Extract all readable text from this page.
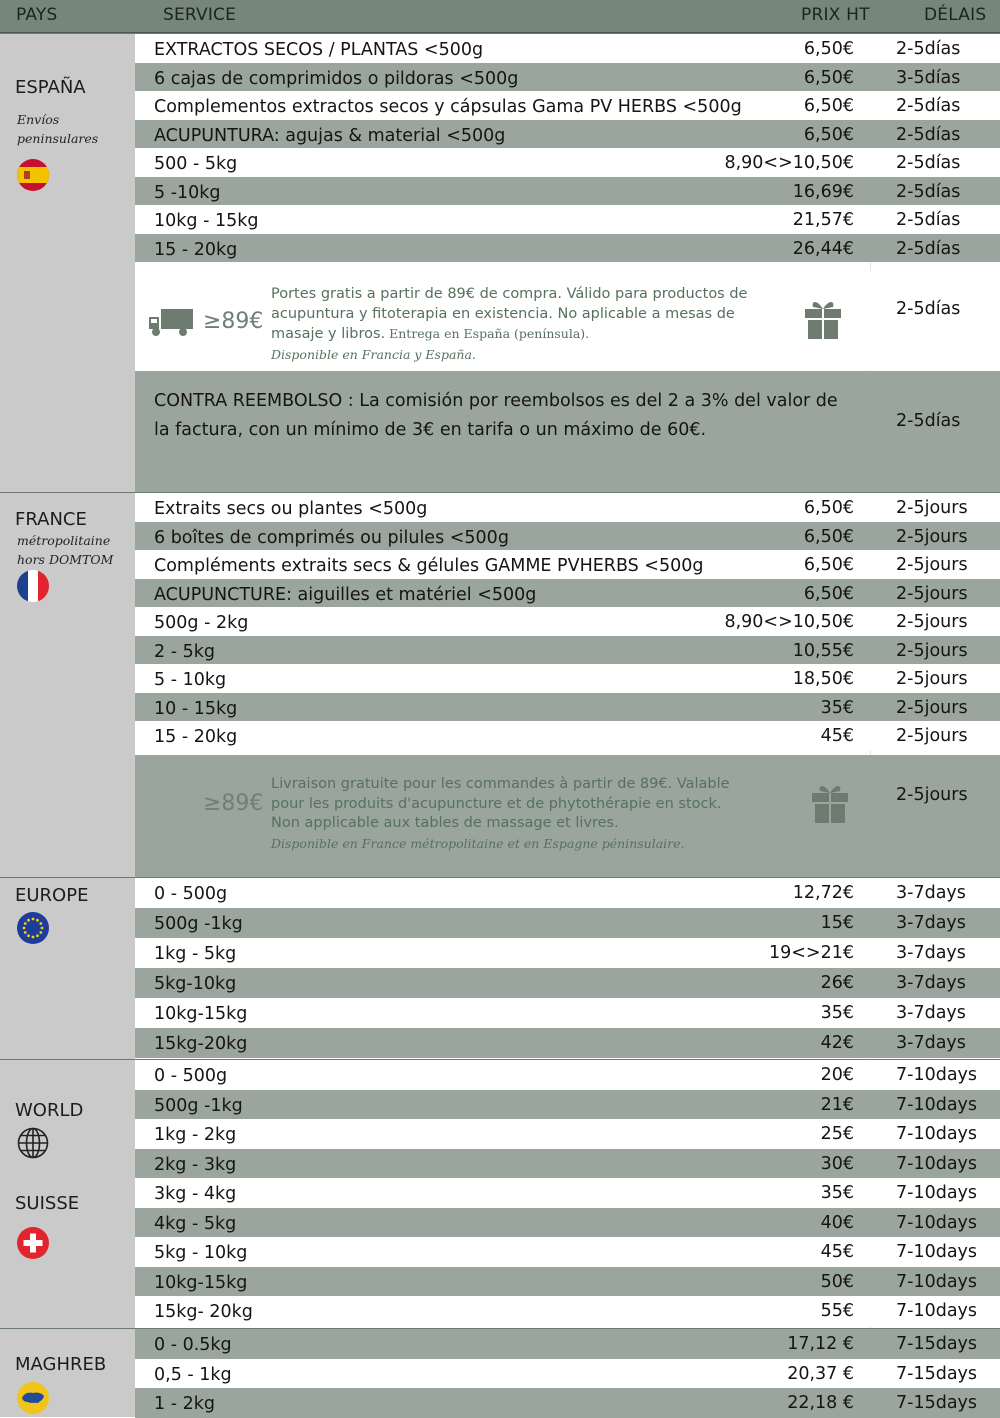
PAYS	SERVICE	PRIX HT	DÉLAIS
ESPAÑA
Envíos
peninsulares
EXTRACTOS SECOS / PLANTAS <500g	6,50€ 2-5días
6 cajas de comprimidos o pildoras <500g	6,50€ 3-5días
Complementos extractos secos y cápsulas Gama PV HERBS <500g	6,50€ 2-5días
ACUPUNTURA: agujas & material <500g	6,50€ 2-5días
500 - 5kg	8,90<>10,50€ 2-5días
5 -10kg	16,69€ 2-5días
10kg - 15kg	21,57€ 2-5días
15 - 20kg	26,44€ 2-5días
≥89€
Portes gratis a partir de 89€ de compra. Válido para productos de acupuntura y fitoterapia en existencia. No aplicable a mesas de masaje y libros. Entrega en España (península).
Disponible en Francia y España.
2-5días
CONTRA REEMBOLSO : La comisión por reembolsos es del 2 a 3% del valor de la factura, con un mínimo de 3€ en tarifa o un máximo de 60€.	2-5días
FRANCE
métropolitaine
hors DOMTOM
Extraits secs ou plantes <500g	6,50€ 2-5jours
6 boîtes de comprimés ou pilules <500g	6,50€ 2-5jours
Compléments extraits secs & gélules GAMME PVHERBS <500g	6,50€ 2-5jours
ACUPUNCTURE: aiguilles et matériel <500g	6,50€ 2-5jours
500g - 2kg	8,90<>10,50€ 2-5jours
2 - 5kg	10,55€ 2-5jours
5 - 10kg	18,50€ 2-5jours
10 - 15kg	35€ 2-5jours
15 - 20kg	45€ 2-5jours
≥89€
Livraison gratuite pour les commandes à partir de 89€. Valable pour les produits d'acupuncture et de phytothérapie en stock. Non applicable aux tables de massage et livres.
Disponible en France métropolitaine et en Espagne péninsulaire.
2-5jours
EUROPE	0 - 500g	12,72€ 3-7days
500g -1kg	15€ 3-7days
1kg - 5kg	19<>21€ 3-7days
5kg-10kg	26€ 3-7days
10kg-15kg	35€ 3-7days
15kg-20kg	42€ 3-7days
WORLD
SUISSE
0 - 500g	20€ 7-10days
500g -1kg	21€ 7-10days
1kg - 2kg	25€ 7-10days
2kg - 3kg	30€ 7-10days
3kg - 4kg	35€ 7-10days
4kg - 5kg	40€ 7-10days
5kg - 10kg	45€ 7-10days
10kg-15kg	50€ 7-10days
15kg- 20kg	55€ 7-10days
MAGHREB
0 - 0.5kg	17,12 € 7-15days
0,5 - 1kg	20,37 € 7-15days
1 - 2kg	22,18 € 7-15days
